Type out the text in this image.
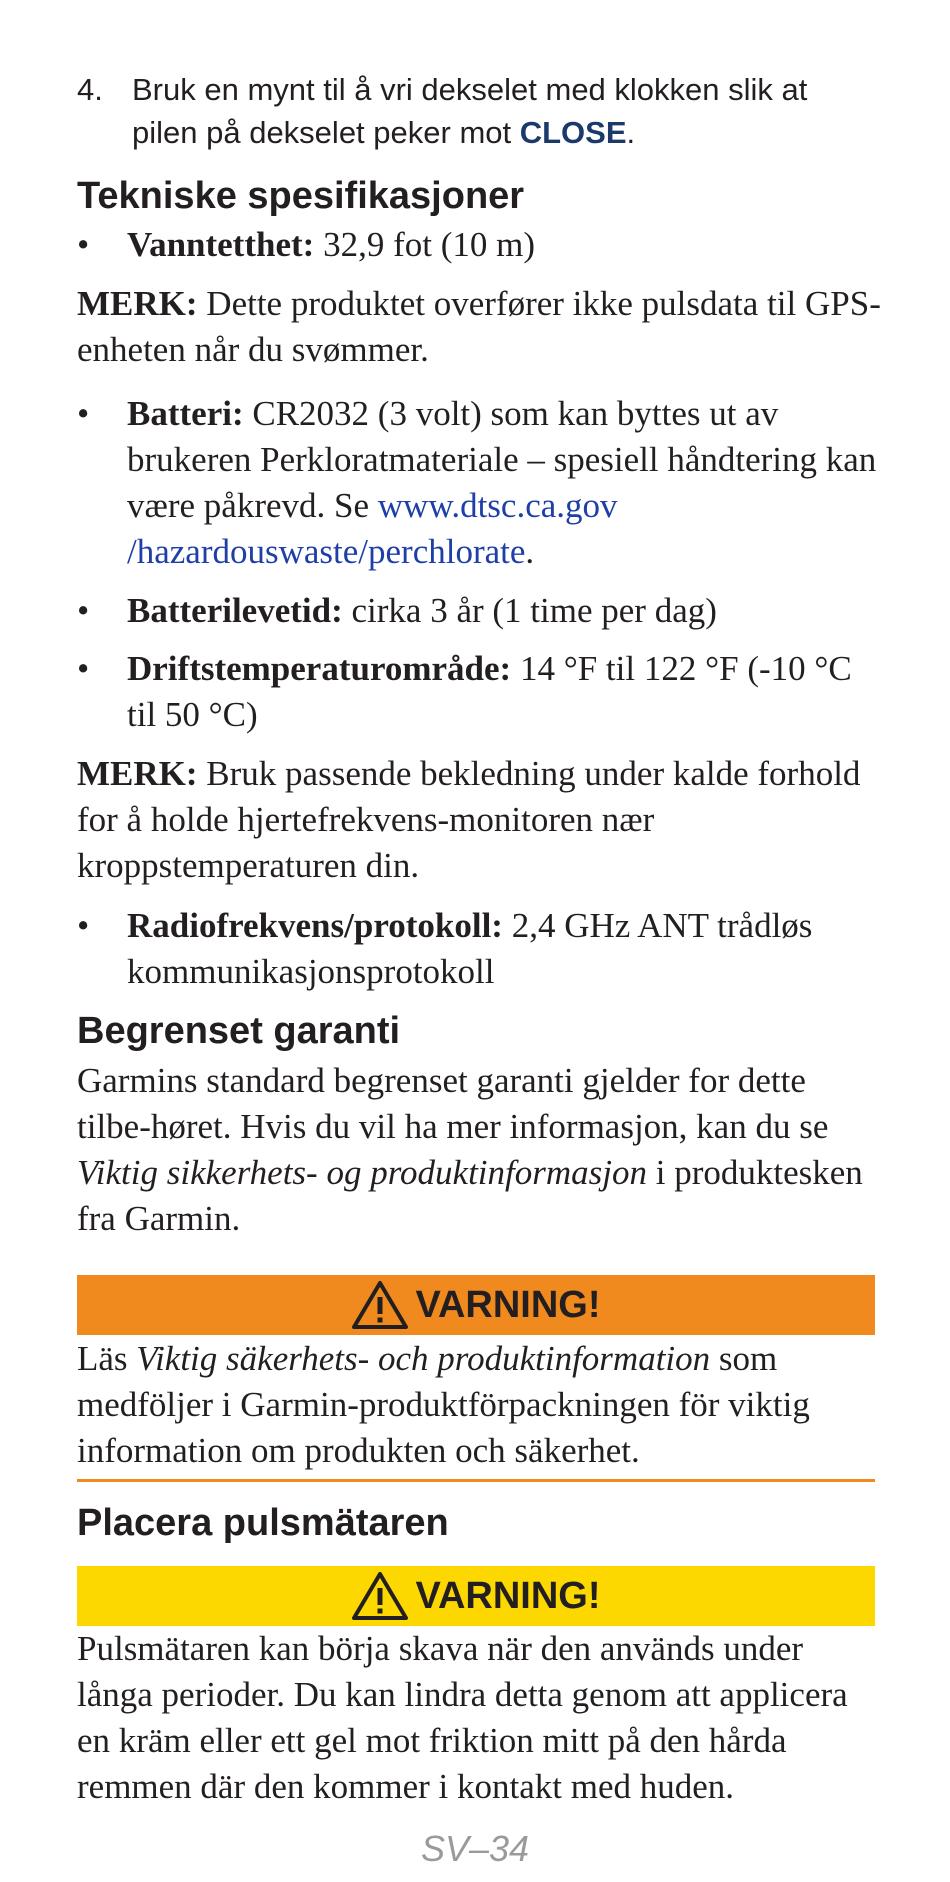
4. Bruk en mynt til å vri dekselet med klokken slik at pilen på dekselet peker mot CLOSE.
Tekniske spesifikasjoner
• Vanntetthet: 32,9 fot (10 m)
MERK: Dette produktet overfører ikke pulsdata til GPS-enheten når du svømmer.
• Batteri: CR2032 (3 volt) som kan byttes ut av brukeren Perkloratmateriale – spesiell håndtering kan være påkrevd. Se www.dtsc.ca.gov
/hazardouswaste/perchlorate.
• Batterilevetid: cirka 3 år (1 time per dag)
• Driftstemperaturområde: 14 °F til 122 °F (-10 °C til 50 °C)
MERK: Bruk passende bekledning under kalde forhold for å holde hjertefrekvens-monitoren nær kroppstemperaturen din.
• Radiofrekvens/protokoll: 2,4 GHz ANT trådløs kommunikasjonsprotokoll
Begrenset garanti
Garmins standard begrenset garanti gjelder for dette tilbe-høret. Hvis du vil ha mer informasjon, kan du se Viktig sikkerhets- og produktinformasjon i produktesken fra Garmin.
VARNING!
Läs Viktig säkerhets- och produktinformation som medföljer i Garmin-produktförpackningen för viktig information om produkten och säkerhet.
Placera pulsmätaren
VARNING!
Pulsmätaren kan börja skava när den används under långa perioder. Du kan lindra detta genom att applicera en kräm eller ett gel mot friktion mitt på den hårda remmen där den kommer i kontakt med huden.
SV–34
